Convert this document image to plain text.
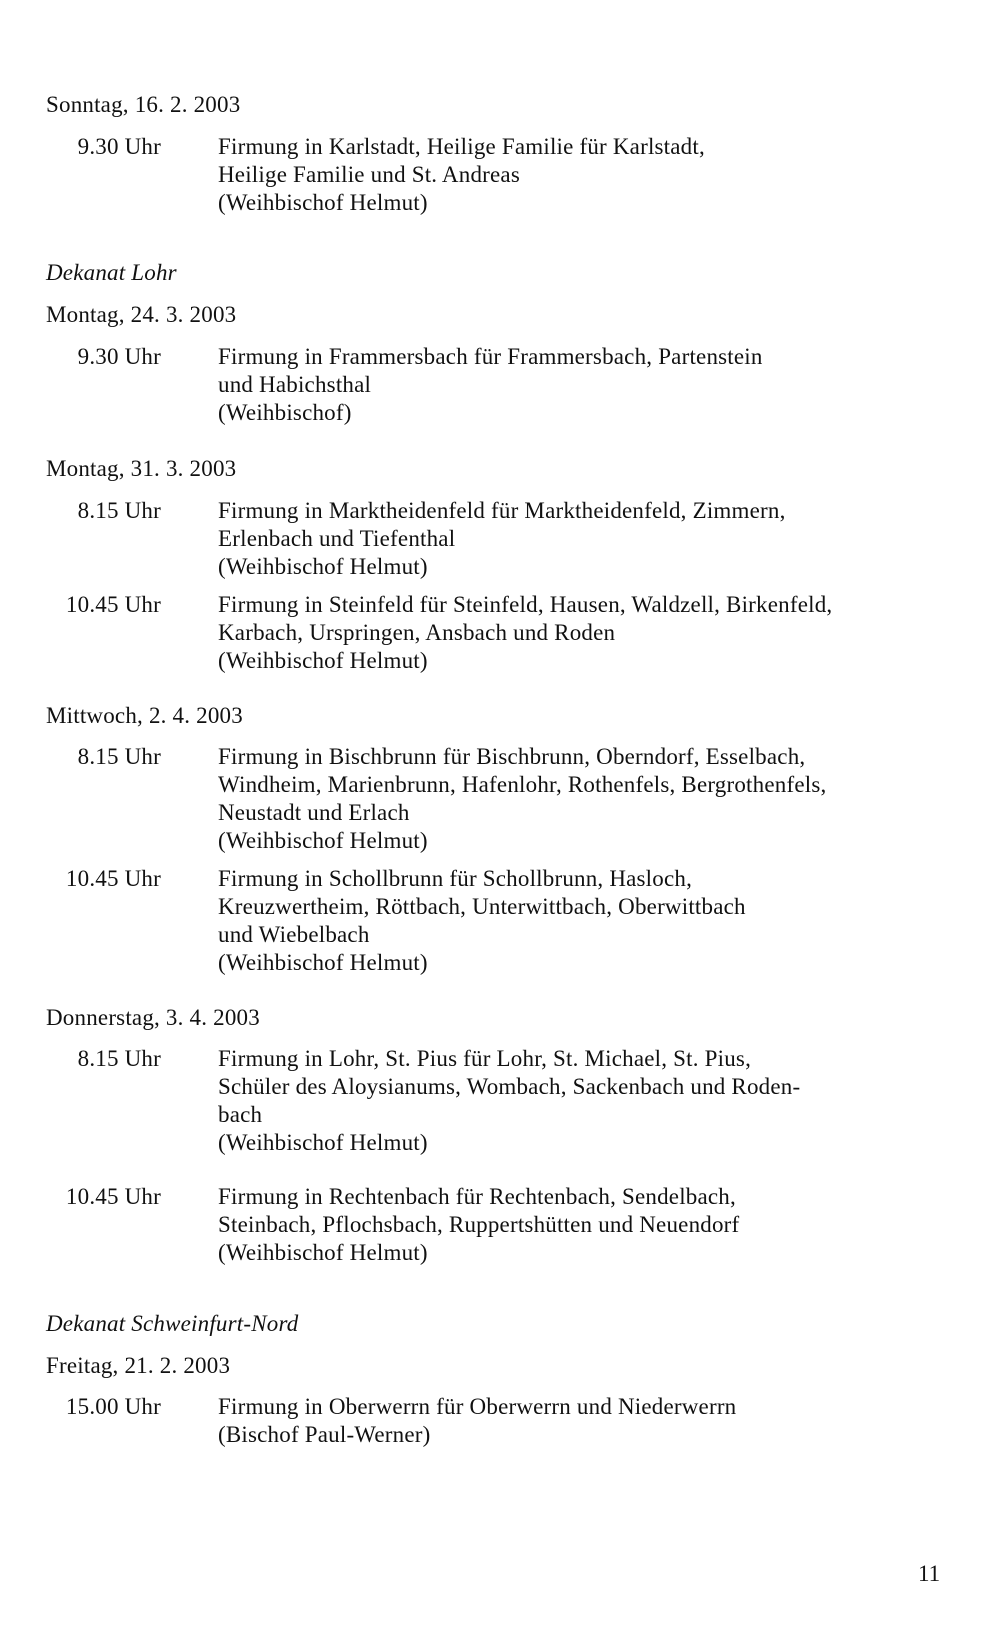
Sonntag, 16. 2. 2003
9.30 Uhr Firmung in Karlstadt, Heilige Familie für Karlstadt,
Heilige Familie und St. Andreas
(Weihbischof Helmut)
Dekanat Lohr
Montag, 24. 3. 2003
9.30 Uhr Firmung in Frammersbach für Frammersbach, Partenstein
und Habichsthal
(Weihbischof)
Montag, 31. 3. 2003
8.15 Uhr Firmung in Marktheidenfeld für Marktheidenfeld, Zimmern,
Erlenbach und Tiefenthal
(Weihbischof Helmut)
10.45 Uhr Firmung in Steinfeld für Steinfeld, Hausen, Waldzell, Birkenfeld,
Karbach, Urspringen, Ansbach und Roden
(Weihbischof Helmut)
Mittwoch, 2. 4. 2003
8.15 Uhr Firmung in Bischbrunn für Bischbrunn, Oberndorf, Esselbach,
Windheim, Marienbrunn, Hafenlohr, Rothenfels, Bergrothenfels,
Neustadt und Erlach
(Weihbischof Helmut)
10.45 Uhr Firmung in Schollbrunn für Schollbrunn, Hasloch,
Kreuzwertheim, Röttbach, Unterwittbach, Oberwittbach
und Wiebelbach
(Weihbischof Helmut)
Donnerstag, 3. 4. 2003
8.15 Uhr Firmung in Lohr, St. Pius für Lohr, St. Michael, St. Pius,
Schüler des Aloysianums, Wombach, Sackenbach und Roden-
bach
(Weihbischof Helmut)
10.45 Uhr Firmung in Rechtenbach für Rechtenbach, Sendelbach,
Steinbach, Pflochsbach, Ruppertshütten und Neuendorf
(Weihbischof Helmut)
Dekanat Schweinfurt-Nord
Freitag, 21. 2. 2003
15.00 Uhr Firmung in Oberwerrn für Oberwerrn und Niederwerrn
(Bischof Paul-Werner)
11
